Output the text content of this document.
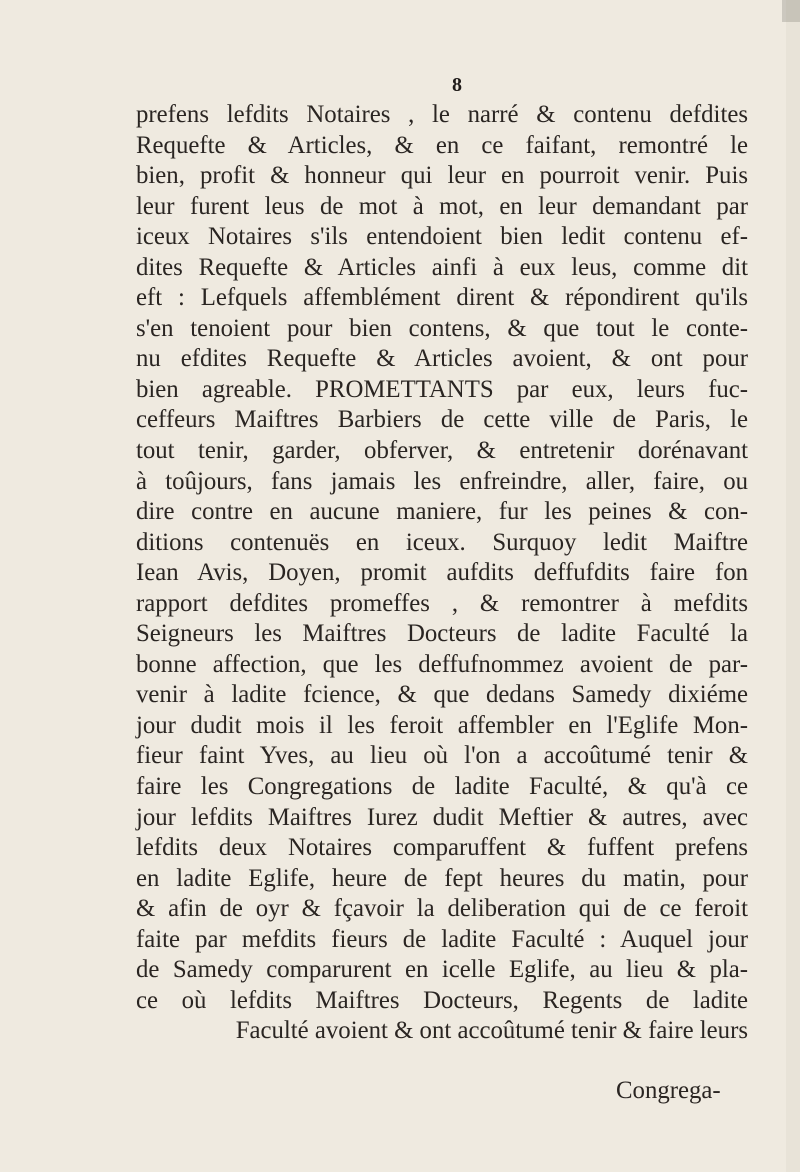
8
prefens lefdits Notaires , le narré & contenu defdites
Requefte & Articles, & en ce faifant, remontré le
bien, profit & honneur qui leur en pourroit venir. Puis
leur furent leus de mot à mot, en leur demandant par
iceux Notaires s'ils entendoient bien ledit contenu ef-
dites Requefte & Articles ainfi à eux leus, comme dit
eft : Lefquels affemblément dirent & répondirent qu'ils
s'en tenoient pour bien contens, & que tout le conte-
nu efdites Requefte & Articles avoient, & ont pour
bien agreable. PROMETTANTS par eux, leurs fuc-
ceffeurs Maiftres Barbiers de cette ville de Paris, le
tout tenir, garder, obferver, & entretenir dorénavant
à toûjours, fans jamais les enfreindre, aller, faire, ou
dire contre en aucune maniere, fur les peines & con-
ditions contenuës en iceux. Surquoy ledit Maiftre
Iean Avis, Doyen, promit aufdits deffufdits faire fon
rapport defdites promeffes , & remontrer à mefdits
Seigneurs les Maiftres Docteurs de ladite Faculté la
bonne affection, que les deffufnommez avoient de par-
venir à ladite fcience, & que dedans Samedy dixiéme
jour dudit mois il les feroit affembler en l'Eglife Mon-
fieur faint Yves, au lieu où l'on a accoûtumé tenir &
faire les Congregations de ladite Faculté, & qu'à ce
jour lefdits Maiftres Iurez dudit Meftier & autres, avec
lefdits deux Notaires comparuffent & fuffent prefens
en ladite Eglife, heure de fept heures du matin, pour
& afin de oyr & fçavoir la deliberation qui de ce feroit
faite par mefdits fieurs de ladite Faculté : Auquel jour
de Samedy comparurent en icelle Eglife, au lieu & pla-
ce où lefdits Maiftres Docteurs, Regents de ladite
Faculté avoient & ont accoûtumé tenir & faire leurs
Congrega-
